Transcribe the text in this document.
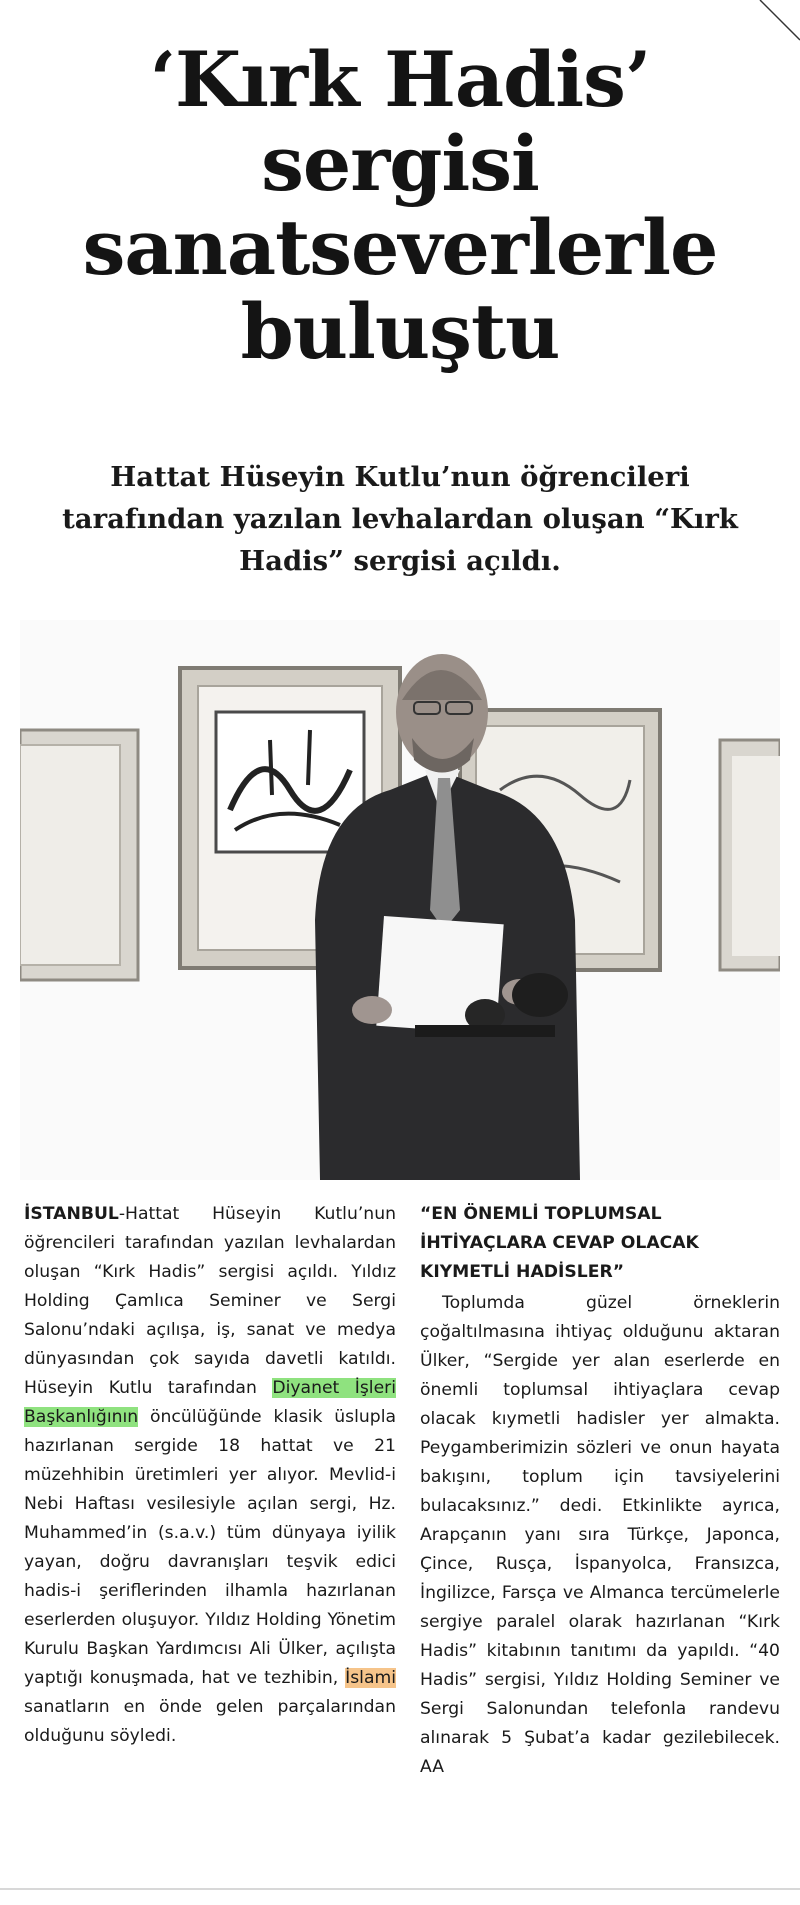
‘Kırk Hadis’ sergisi sanatseverlerle buluştu

Hattat Hüseyin Kutlu’nun öğrencileri tarafından yazılan levhalardan oluşan “Kırk Hadis” sergisi açıldı.

İSTANBUL-Hattat Hüseyin Kutlu’nun öğrencileri tarafından yazılan levhalardan oluşan “Kırk Hadis” sergisi açıldı. Yıldız Holding Çamlıca Seminer ve Sergi Salonu’ndaki açılışa, iş, sanat ve medya dünyasından çok sayıda davetli katıldı. Hüseyin Kutlu tarafından Diyanet İşleri Başkanlığının öncülüğünde klasik üslupla hazırlanan sergide 18 hattat ve 21 müzehhibin üretimleri yer alıyor. Mevlid-i Nebi Haftası vesilesiyle açılan sergi, Hz. Muhammed’in (s.a.v.) tüm dünyaya iyilik yayan, doğru davranışları teşvik edici hadis-i şeriflerinden ilhamla hazırlanan eserlerden oluşuyor. Yıldız Holding Yönetim Kurulu Başkan Yardımcısı Ali Ülker, açılışta yaptığı konuşmada, hat ve tezhibin, İslami sanatların en önde gelen parçalarından olduğunu söyledi.
“EN ÖNEMLİ TOPLUMSAL İHTİYAÇLARA CEVAP OLACAK KIYMETLİ HADİSLER”
Toplumda güzel örneklerin çoğaltılmasına ihtiyaç olduğunu aktaran Ülker, “Sergide yer alan eserlerde en önemli toplumsal ihtiyaçlara cevap olacak kıymetli hadisler yer almakta. Peygamberimizin sözleri ve onun hayata bakışını, toplum için tavsiyelerini bulacaksınız.” dedi. Etkinlikte ayrıca, Arapçanın yanı sıra Türkçe, Japonca, Çince, Rusça, İspanyolca, Fransızca, İngilizce, Farsça ve Almanca tercümelerle sergiye paralel olarak hazırlanan “Kırk Hadis” kitabının tanıtımı da yapıldı. “40 Hadis” sergisi, Yıldız Holding Seminer ve Sergi Salonundan telefonla randevu alınarak 5 Şubat’a kadar gezilebilecek. AA
